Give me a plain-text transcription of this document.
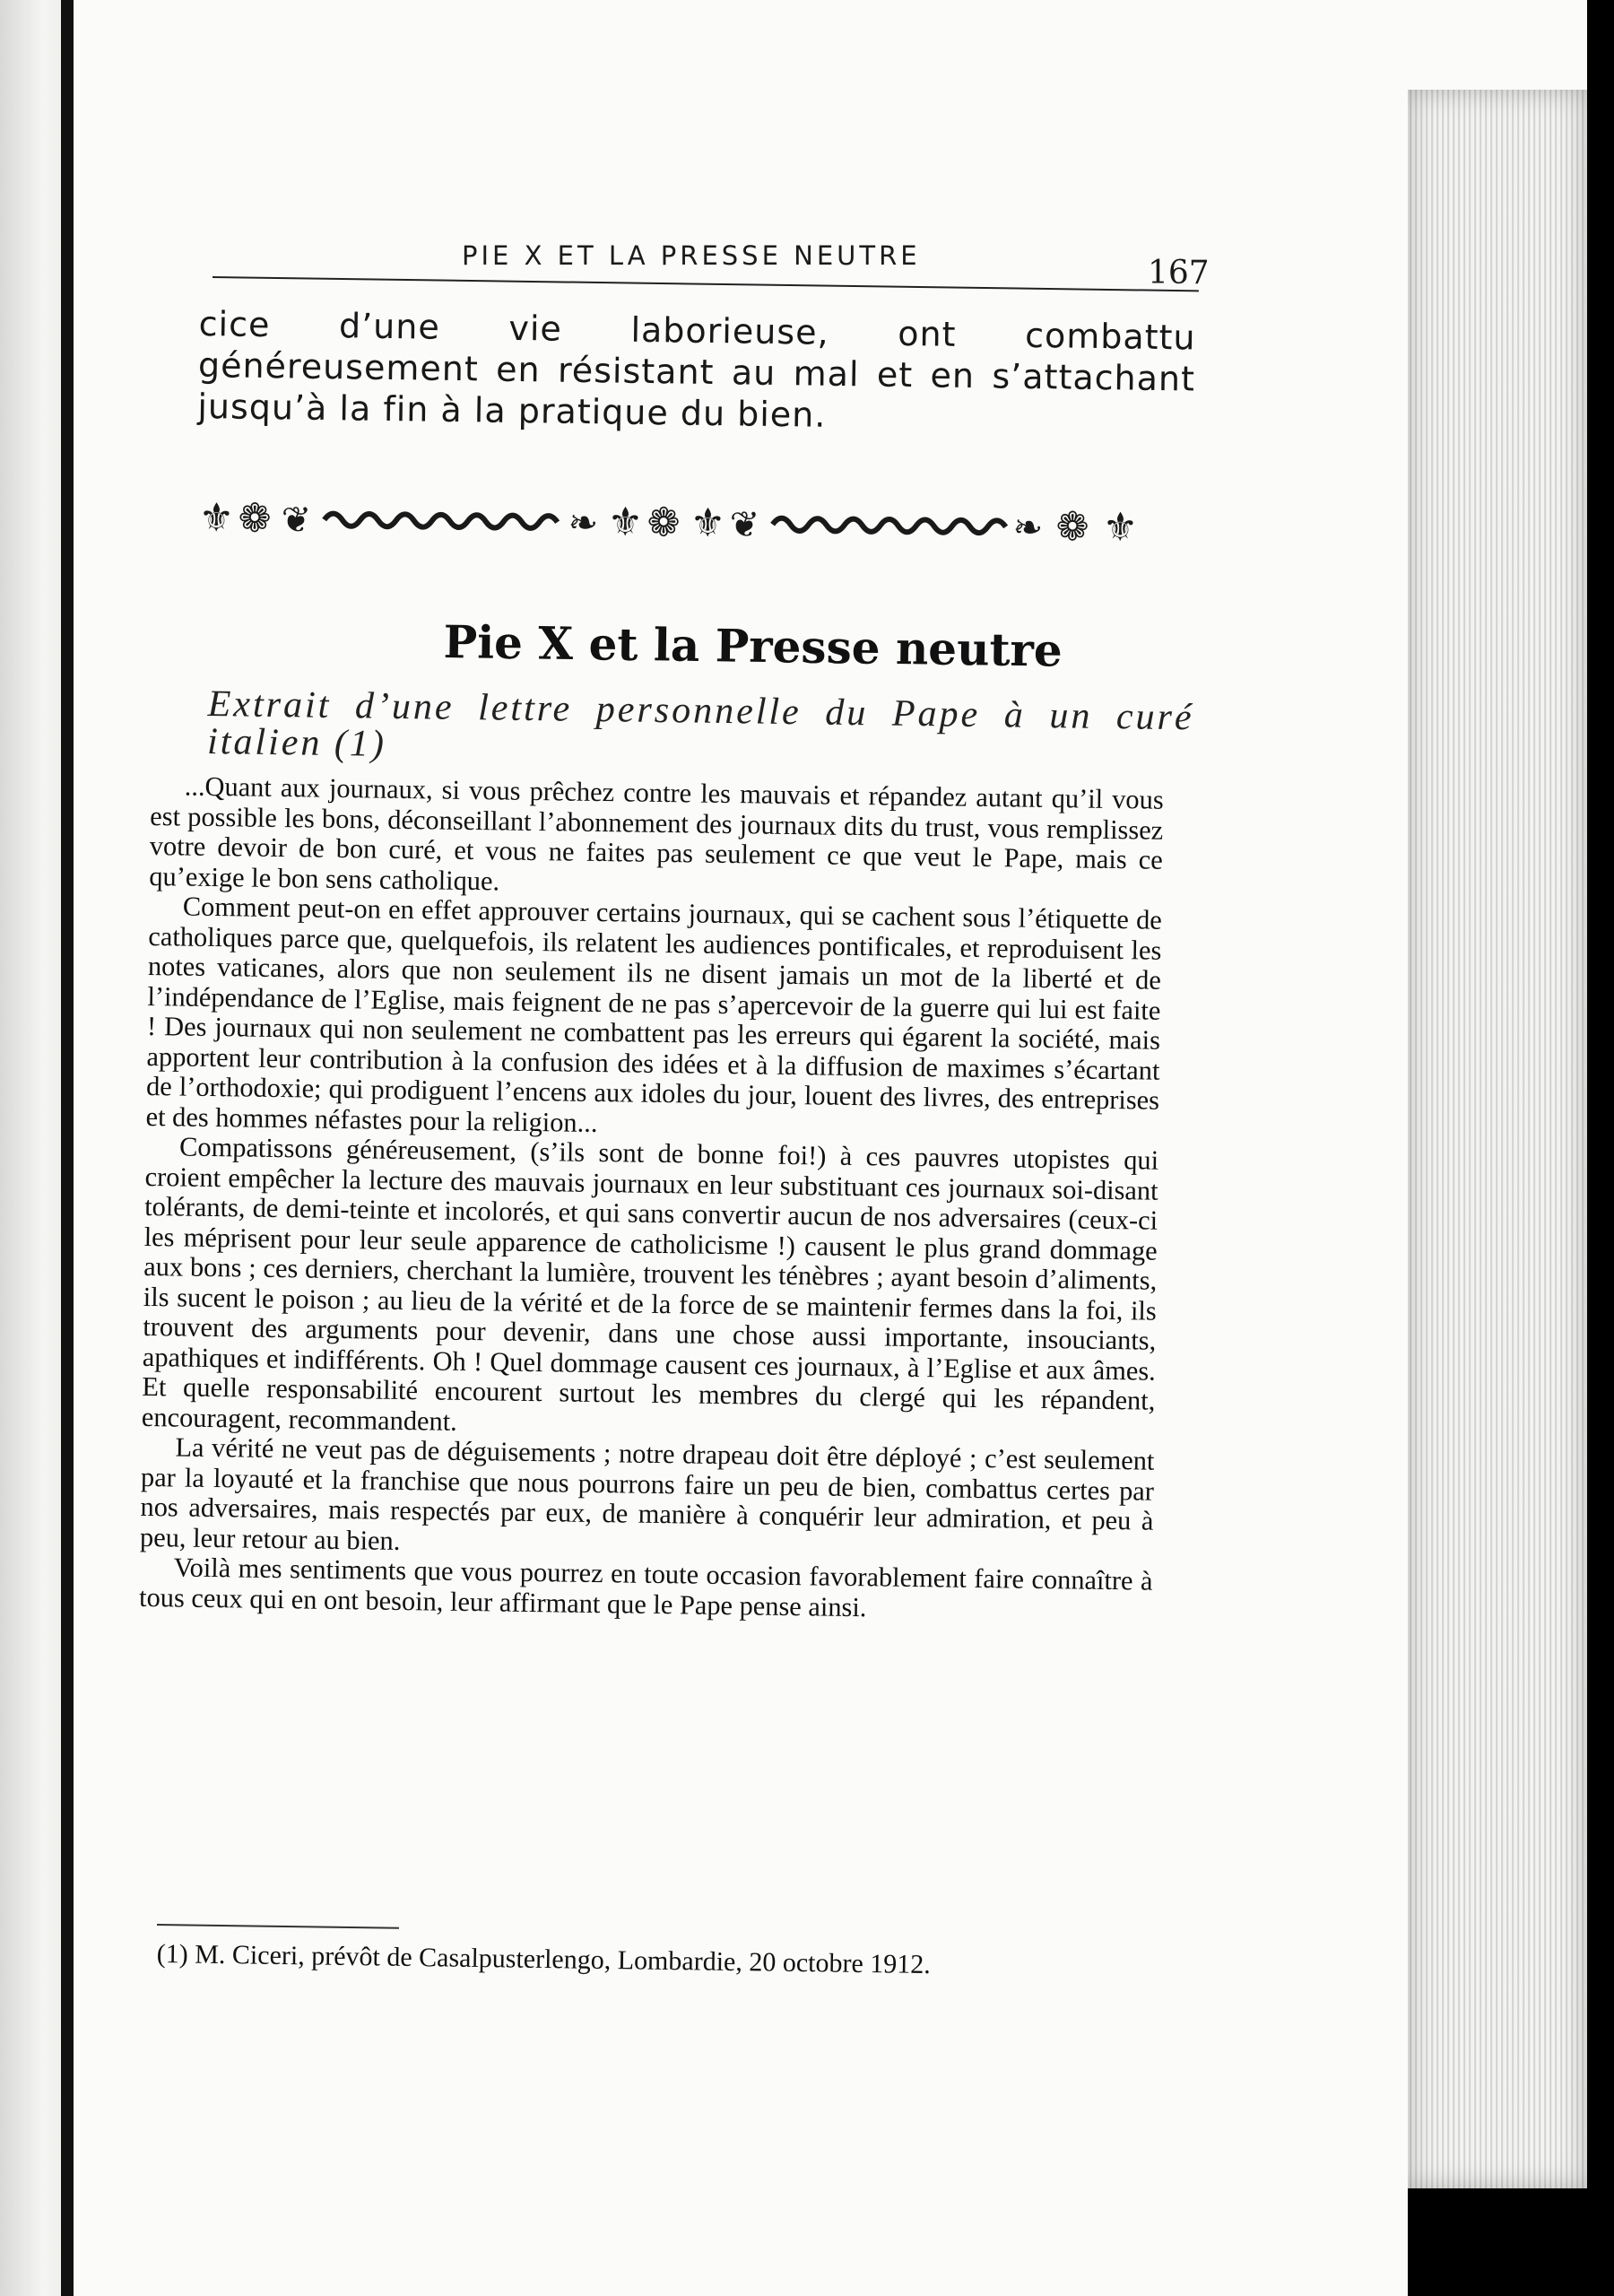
PIE X ET LA PRESSE NEUTRE	167
cice d’une vie laborieuse, ont combattu généreusement en résistant au mal et en s’attachant jusqu’à la fin à la pratique du bien.
⚜ ❁ ❦	❧ ⚜ ❁ ⚜ ❦	❧ ❁ ⚜
Pie X et la Presse neutre
Extrait d’une lettre personnelle du Pape à un curé italien (1)

...Quant aux journaux, si vous prêchez contre les mauvais et répandez autant qu’il vous est possible les bons, déconseillant l’abonnement des journaux dits du trust, vous remplissez votre devoir de bon curé, et vous ne faites pas seulement ce que veut le Pape, mais ce qu’exige le bon sens catholique.

Comment peut-on en effet approuver certains journaux, qui se cachent sous l’étiquette de catholiques parce que, quelquefois, ils relatent les audiences pontificales, et reproduisent les notes vaticanes, alors que non seulement ils ne disent jamais un mot de la liberté et de l’indépendance de l’Eglise, mais feignent de ne pas s’apercevoir de la guerre qui lui est faite ! Des journaux qui non seulement ne combattent pas les erreurs qui égarent la société, mais apportent leur contribution à la confusion des idées et à la diffusion de maximes s’écartant de l’orthodoxie; qui prodiguent l’encens aux idoles du jour, louent des livres, des entreprises et des hommes néfastes pour la religion...

Compatissons généreusement, (s’ils sont de bonne foi!) à ces pauvres utopistes qui croient empêcher la lecture des mauvais journaux en leur substituant ces journaux soi-disant tolérants, de demi-teinte et incolorés, et qui sans convertir aucun de nos adversaires (ceux-ci les méprisent pour leur seule apparence de catholicisme !) causent le plus grand dommage aux bons ; ces derniers, cherchant la lumière, trouvent les ténèbres ; ayant besoin d’aliments, ils sucent le poison ; au lieu de la vérité et de la force de se maintenir fermes dans la foi, ils trouvent des arguments pour devenir, dans une chose aussi importante, insouciants, apathiques et indifférents. Oh ! Quel dommage causent ces journaux, à l’Eglise et aux âmes. Et quelle responsabilité encourent surtout les membres du clergé qui les répandent, encouragent, recommandent.

La vérité ne veut pas de déguisements ; notre drapeau doit être déployé ; c’est seulement par la loyauté et la franchise que nous pourrons faire un peu de bien, combattus certes par nos adversaires, mais respectés par eux, de manière à conquérir leur admiration, et peu à peu, leur retour au bien.

Voilà mes sentiments que vous pourrez en toute occasion favorablement faire connaître à tous ceux qui en ont besoin, leur affirmant que le Pape pense ainsi.

(1) M. Ciceri, prévôt de Casalpusterlengo, Lombardie, 20 octobre 1912.
